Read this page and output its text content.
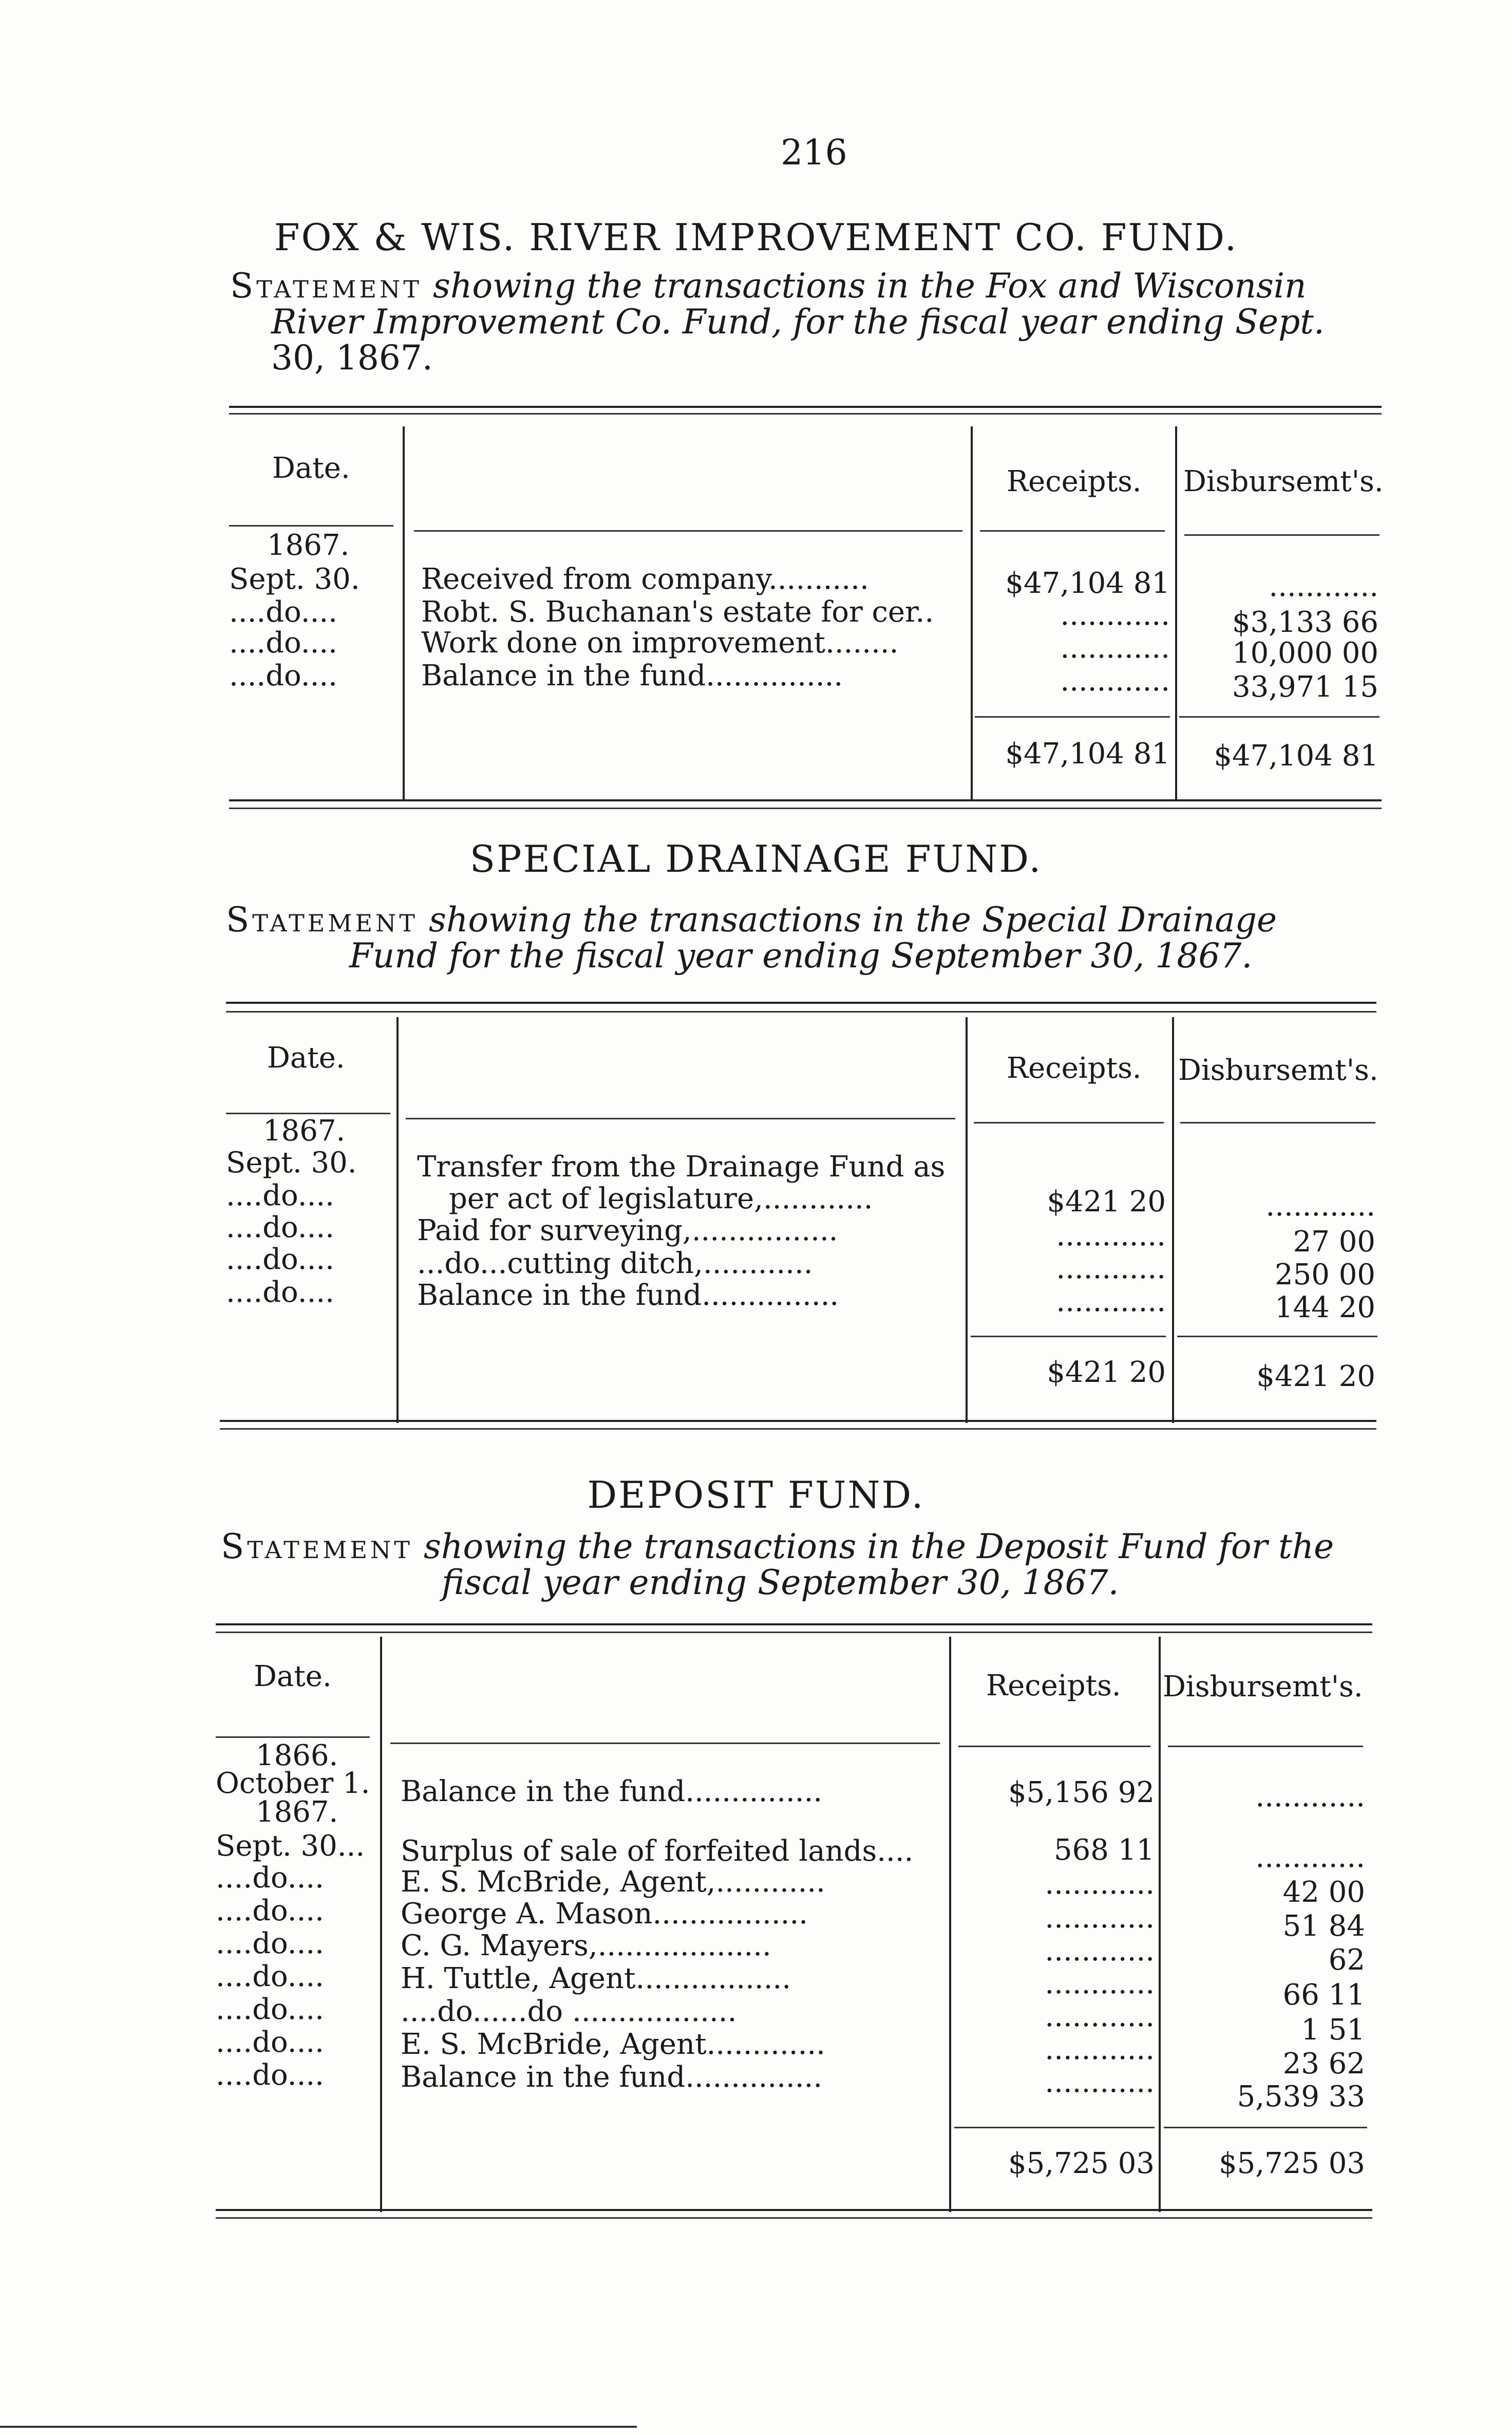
216
FOX & WIS. RIVER IMPROVEMENT CO. FUND.
Statement showing the transactions in the Fox and Wisconsin
River Improvement Co. Fund, for the fiscal year ending Sept.
30, 1867.
Date.	Receipts. Disbursemt's.
1867.
Sept. 30. Received from company...........	$47,104 81	............
....do....	Robt. S. Buchanan's estate for cer..	............	$3,133 66
....do....	Work done on improvement........	............	10,000 00
....do....	Balance in the fund...............	............	33,971 15
$47,104 81	$47,104 81
SPECIAL DRAINAGE FUND.
Statement showing the transactions in the Special Drainage
Fund for the fiscal year ending September 30, 1867.
Date.	Receipts. Disbursemt's.
1867.
Sept. 30. Transfer from the Drainage Fund as
....do....	per act of legislature,............	$421 20	............
....do....	Paid for surveying,................	............	27 00
....do....	...do...cutting ditch,............	............	250 00
....do....	Balance in the fund...............	............	144 20
$421 20	$421 20
DEPOSIT FUND.
Statement showing the transactions in the Deposit Fund for the
fiscal year ending September 30, 1867.
Date.	Receipts. Disbursemt's.
1866.
October 1. Balance in the fund...............	$5,156 92	............
1867.
Sept. 30... Surplus of sale of forfeited lands....	568 11	............
....do....	E. S. McBride, Agent,............	............	42 00
....do....	George A. Mason.................	............	51 84
....do....	C. G. Mayers,...................	............	62
....do....	H. Tuttle, Agent.................	............	66 11
....do....	....do......do ..................	............	1 51
....do....	E. S. McBride, Agent.............	............	23 62
....do....	Balance in the fund...............	............	5,539 33
$5,725 03	$5,725 03
